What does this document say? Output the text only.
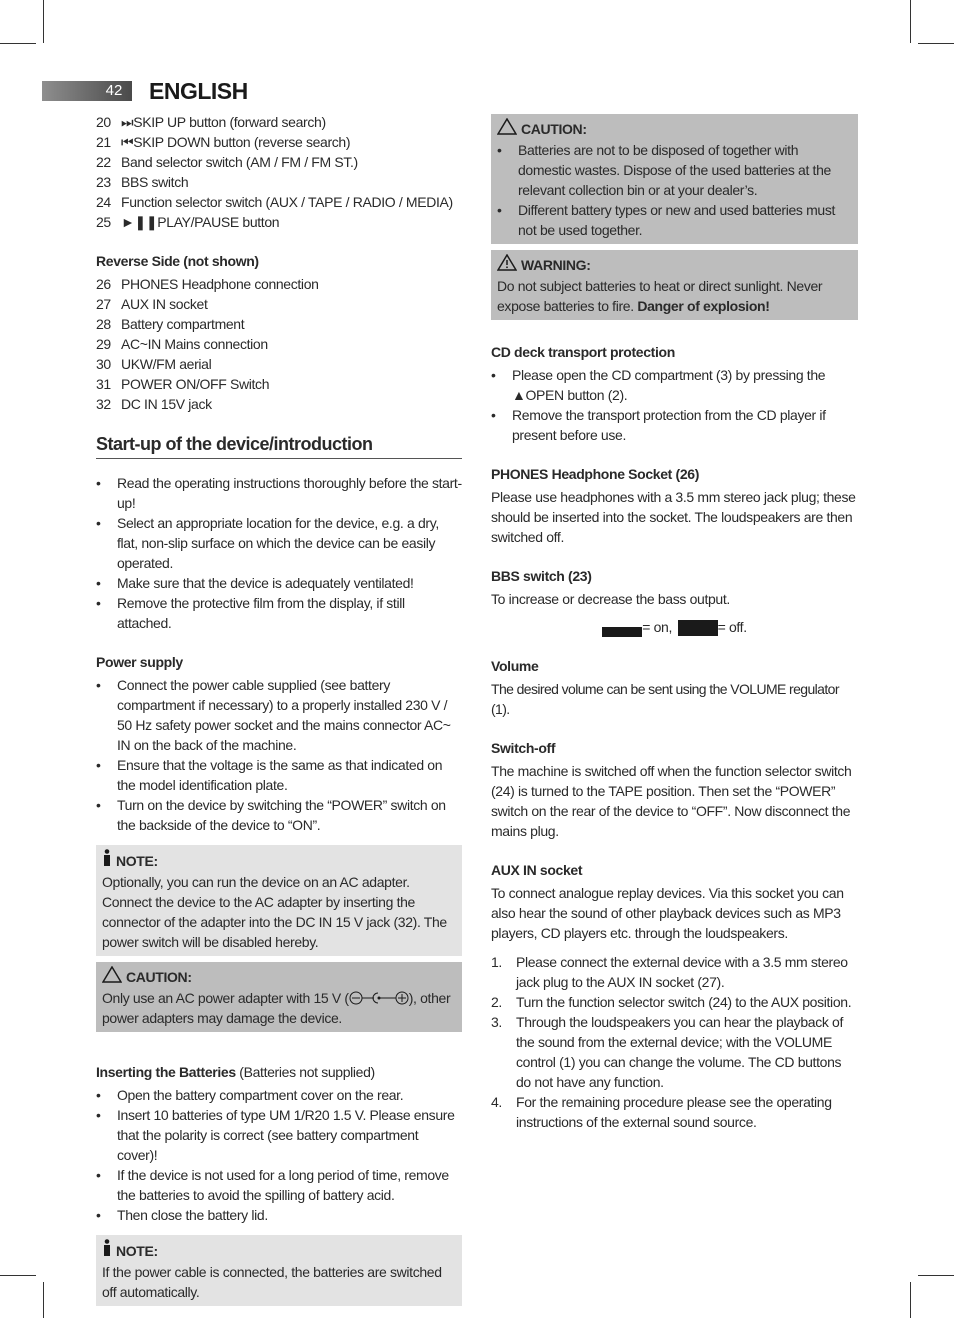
42	ENGLISH
20 ⏭ SKIP UP button (forward search)
21 ⏮ SKIP DOWN button (reverse search)
22 Band selector switch (AM / FM / FM ST.)
23 BBS switch
24 Function selector switch (AUX / TAPE / RADIO / MEDIA)
25 ►❚❚ PLAY/PAUSE button
Reverse Side (not shown)
26 PHONES Headphone connection
27 AUX IN socket
28 Battery compartment
29 AC~IN Mains connection
30 UKW/FM aerial
31 POWER ON/OFF Switch
32 DC IN 15V jack
Start-up of the device/introduction
•	Read the operating instructions thoroughly before the start-up!
•	Select an appropriate location for the device, e.g. a dry, flat, non-slip surface on which the device can be easily operated.
•	Make sure that the device is adequately ventilated!
•	Remove the protective film from the display, if still attached.
Power supply
•	Connect the power cable supplied (see battery compartment if necessary) to a properly installed 230 V / 50 Hz safety power socket and the mains connector AC~ IN on the back of the machine.
•	Ensure that the voltage is the same as that indicated on the model identification plate.
•	Turn on the device by switching the “POWER” switch on the backside of the device to “ON”.
NOTE:
Optionally, you can run the device on an AC adapter. Connect the device to the AC adapter by inserting the connector of the adapter into the DC IN 15 V jack (32). The power switch will be disabled hereby.
CAUTION:
Only use an AC power adapter with 15 V (	), other power adapters may damage the device.
Inserting the Batteries (Batteries not supplied)
•	Open the battery compartment cover on the rear.
•	Insert 10 batteries of type UM 1/R20 1.5 V. Please ensure that the polarity is correct (see battery compartment cover)!
•	If the device is not used for a long period of time, remove the batteries to avoid the spilling of battery acid.
•	Then close the battery lid.
NOTE:
If the power cable is connected, the batteries are switched off automatically.
CAUTION:
•	Batteries are not to be disposed of together with domestic wastes. Dispose of the used batteries at the relevant collection bin or at your dealer’s.
•	Different battery types or new and used batteries must not be used together.
WARNING:
Do not subject batteries to heat or direct sunlight. Never expose batteries to fire. Danger of explosion!
CD deck transport protection
•	Please open the CD compartment (3) by pressing the ▲OPEN button (2).
•	Remove the transport protection from the CD player if present before use.
PHONES Headphone Socket (26)
Please use headphones with a 3.5 mm stereo jack plug; these should be inserted into the socket. The loudspeakers are then switched off.
BBS switch (23)
To increase or decrease the bass output.
= on,	= off.
Volume
The desired volume can be sent using the VOLUME regulator (1).
Switch-off
The machine is switched off when the function selector switch (24) is turned to the TAPE position. Then set the “POWER” switch on the rear of the device to “OFF”. Now disconnect the mains plug.
AUX IN socket
To connect analogue replay devices. Via this socket you can also hear the sound of other playback devices such as MP3 players, CD players etc. through the loudspeakers.
1.	Please connect the external device with a 3.5 mm stereo jack plug to the AUX IN socket (27).
2.	Turn the function selector switch (24) to the AUX position.
3.	Through the loudspeakers you can hear the playback of the sound from the external device; with the VOLUME control (1) you can change the volume. The CD buttons do not have any function.
4.	For the remaining procedure please see the operating instructions of the external sound source.
